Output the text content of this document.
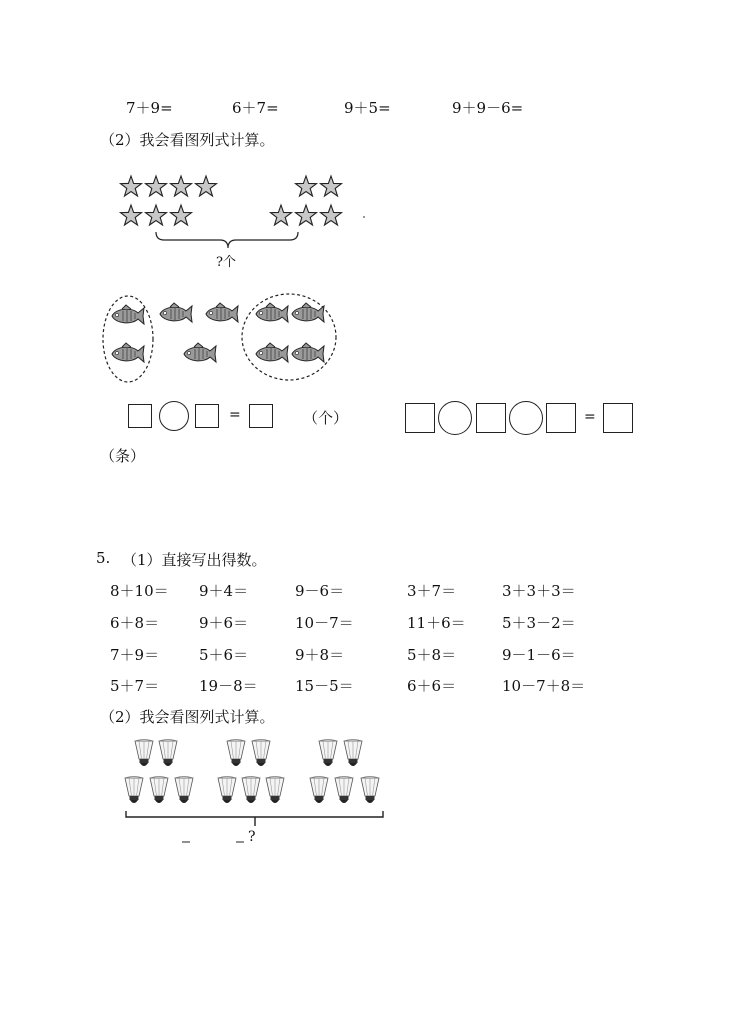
7＋9=	6＋7=	9＋5=	9＋9－6=
（2）我会看图列式计算。
?个
=	（个）	=
（条）
5. （1）直接写出得数。
8＋10＝ 9＋4＝	9－6＝	3＋7＝	3＋3＋3＝
6＋8＝	9＋6＝	10－7＝	11＋6＝ 5＋3－2＝
7＋9＝	5＋6＝	9＋8＝	5＋8＝	9－1－6＝
5＋7＝	19－8＝ 15－5＝	6＋6＝	10－7＋8＝
（2）我会看图列式计算。
?
